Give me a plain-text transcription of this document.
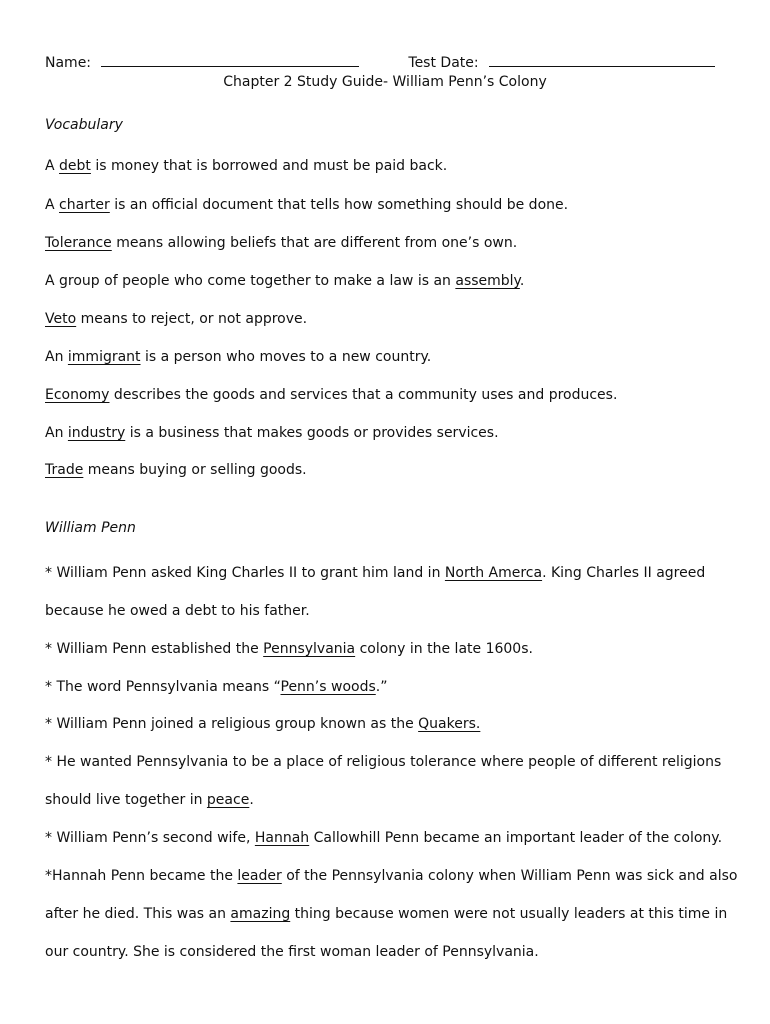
Name:	Test Date:
Chapter 2 Study Guide- William Penn’s Colony
Vocabulary
A debt is money that is borrowed and must be paid back.
A charter is an official document that tells how something should be done.
Tolerance means allowing beliefs that are different from one’s own.
A group of people who come together to make a law is an assembly.
Veto means to reject, or not approve.
An immigrant is a person who moves to a new country.
Economy describes the goods and services that a community uses and produces.
An industry is a business that makes goods or provides services.
Trade means buying or selling goods.
William Penn
* William Penn asked King Charles II to grant him land in North Amerca. King Charles II agreed
because he owed a debt to his father.
* William Penn established the Pennsylvania colony in the late 1600s.
* The word Pennsylvania means “Penn’s woods.”
* William Penn joined a religious group known as the Quakers.
* He wanted Pennsylvania to be a place of religious tolerance where people of different religions
should live together in peace.
* William Penn’s second wife, Hannah Callowhill Penn became an important leader of the colony.
*Hannah Penn became the leader of the Pennsylvania colony when William Penn was sick and also
after he died. This was an amazing thing because women were not usually leaders at this time in
our country. She is considered the first woman leader of Pennsylvania.
